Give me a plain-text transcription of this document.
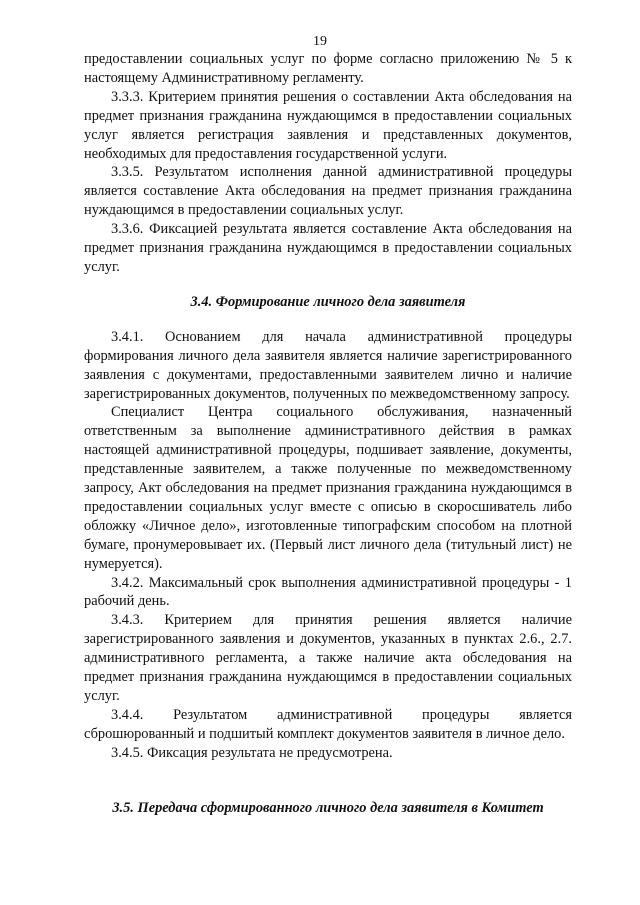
19

предоставлении социальных услуг по форме согласно приложению № 5 к настоящему Административному регламенту.

3.3.3. Критерием принятия решения о составлении Акта обследования на предмет признания гражданина нуждающимся в предоставлении социальных услуг является регистрация заявления и представленных документов, необходимых для предоставления государственной услуги.

3.3.5. Результатом исполнения данной административной процедуры является составление Акта обследования на предмет признания гражданина нуждающимся в предоставлении социальных услуг.

3.3.6. Фиксацией результата является составление Акта обследования на предмет признания гражданина нуждающимся в предоставлении социальных услуг.

3.4. Формирование личного дела заявителя

3.4.1. Основанием для начала административной процедуры формирования личного дела заявителя является наличие зарегистрированного заявления с документами, предоставленными заявителем лично и наличие зарегистрированных документов, полученных по межведомственному запросу.

Специалист Центра социального обслуживания, назначенный ответственным за выполнение административного действия в рамках настоящей административной процедуры, подшивает заявление, документы, представленные заявителем, а также полученные по межведомственному запросу, Акт обследования на предмет признания гражданина нуждающимся в предоставлении социальных услуг вместе с описью в скоросшиватель либо обложку «Личное дело», изготовленные типографским способом на плотной бумаге, пронумеровывает их. (Первый лист личного дела (титульный лист) не нумеруется).

3.4.2. Максимальный срок выполнения административной процедуры - 1 рабочий день.

3.4.3. Критерием для принятия решения является наличие зарегистрированного заявления и документов, указанных в пунктах 2.6., 2.7. административного регламента, а также наличие акта обследования на предмет признания гражданина нуждающимся в предоставлении социальных услуг.

3.4.4. Результатом административной процедуры является сброшюрованный и подшитый комплект документов заявителя в личное дело.

3.4.5. Фиксация результата не предусмотрена.

3.5. Передача сформированного личного дела заявителя в Комитет
